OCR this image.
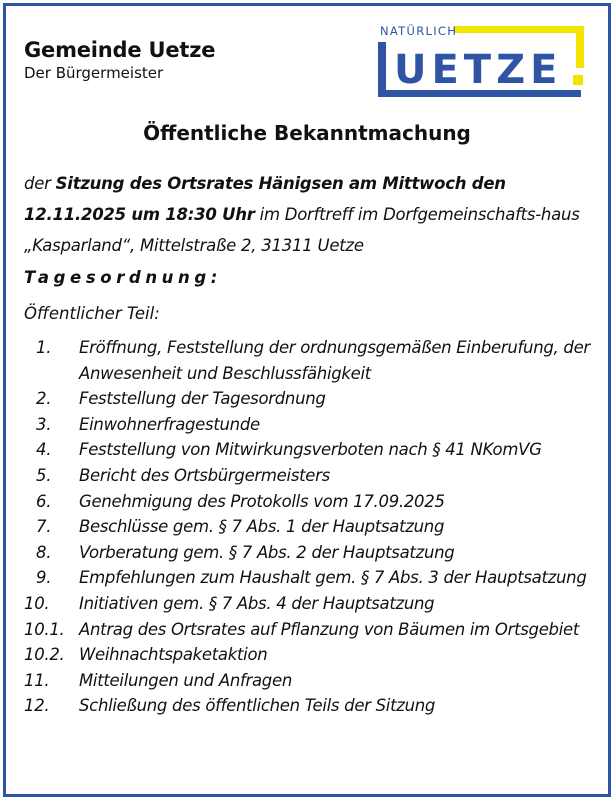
Gemeinde Uetze
Der Bürgermeister
NATÜRLICH
UETZE
Öffentliche Bekanntmachung
der Sitzung des Ortsrates Hänigsen am Mittwoch den 12.11.2025 um 18:30 Uhr im Dorftreff im Dorfgemeinschafts-haus „Kasparland“, Mittelstraße 2, 31311 Uetze
Tagesordnung:
Öffentlicher Teil:
1.	Eröffnung, Feststellung der ordnungsgemäßen Einberufung, der Anwesenheit und Beschlussfähigkeit
2.	Feststellung der Tagesordnung
3.	Einwohnerfragestunde
4.	Feststellung von Mitwirkungsverboten nach § 41 NKomVG
5.	Bericht des Ortsbürgermeisters
6.	Genehmigung des Protokolls vom 17.09.2025
7.	Beschlüsse gem. § 7 Abs. 1 der Hauptsatzung
8.	Vorberatung gem. § 7 Abs. 2 der Hauptsatzung
9.	Empfehlungen zum Haushalt gem. § 7 Abs. 3 der Hauptsatzung
10.	Initiativen gem. § 7 Abs. 4 der Hauptsatzung
10.1. Antrag des Ortsrates auf Pflanzung von Bäumen im Ortsgebiet
10.2. Weihnachtspaketaktion
11.	Mitteilungen und Anfragen
12.	Schließung des öffentlichen Teils der Sitzung
